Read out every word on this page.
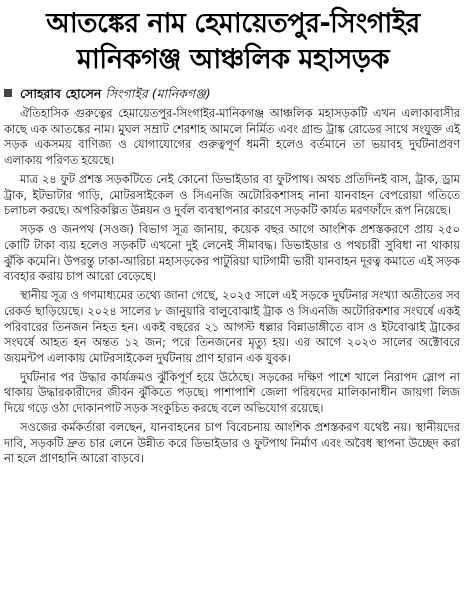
আতঙ্কের নাম হেমায়েতপুর-সিংগাইর
মানিকগঞ্জ আঞ্চলিক মহাসড়ক
সোহরাব হোসেন সিংগাইর (মানিকগঞ্জ)

ঐতিহাসিক গুরুত্বের হেমায়েতপুর-সিংগাইর-মানিকগঞ্জ আঞ্চলিক মহাসড়কটি এখন এলাকাবাসীর কাছে এক আতঙ্কের নাম। মুঘল সম্রাট শেরশাহ আমলে নির্মিত এবং গ্রান্ড ট্রাঙ্ক রোডের সাথে সংযুক্ত এই সড়ক একসময় বাণিজ্য ও যোগাযোগের গুরুত্বপূর্ণ ধমনী হলেও বর্তমানে তা ভয়াবহ দুর্ঘটনাপ্রবণ এলাকায় পরিণত হয়েছে।

মাত্র ২৪ ফুট প্রশস্ত সড়কটিতে নেই কোনো ডিভাইডার বা ফুটপাথ। অথচ প্রতিদিনই বাস, ট্রাক, ড্রাম ট্রাক, ইটভাটার গাড়ি, মোটরসাইকেল ও সিএনজি অটোরিকশাসহ নানা যানবাহন বেপরোয়া গতিতে চলাচল করছে। অপরিকল্পিত উন্নয়ন ও দুর্বল ব্যবস্থাপনার কারণে সড়কটি কার্যত মরণফাঁদে রূপ নিয়েছে।

সড়ক ও জনপথ (সওজ) বিভাগ সূত্র জানায়, কয়েক বছর আগে আংশিক প্রশস্তকরণে প্রায় ২৫০ কোটি টাকা ব্যয় হলেও সড়কটি এখনো দুই লেনেই সীমাবদ্ধ। ডিভাইডার ও পথচারী সুবিধা না থাকায় ঝুঁকি কমেনি। উপরন্তু ঢাকা-আরিচা মহাসড়কের পাটুরিয়া ঘাটগামী ভারী যানবাহন দূরত্ব কমাতে এই সড়ক ব্যবহার করায় চাপ আরো বেড়েছে।

স্থানীয় সূত্র ও গণমাধ্যমের তথ্যে জানা গেছে, ২০২৫ সালে এই সড়কে দুর্ঘটনার সংখ্যা অতীতের সব রেকর্ড ছাড়িয়েছে। ২০২৪ সালের ৮ জানুয়ারি বালুবোঝাই ট্রাক ও সিএনজি অটোরিকশার সংঘর্ষে একই পরিবারের তিনজন নিহত হন। একই বছরের ২১ আগস্ট ধল্লার বিন্নাডাঙ্গীতে বাস ও ইটবোঝাই ট্রাকের সংঘর্ষে আহত হন অন্তত ১২ জন; পরে তিনজনের মৃত্যু হয়। এর আগে ২০২৩ সালের অক্টোবরে জয়মন্টপ এলাকায় মোটরসাইকেল দুর্ঘটনায় প্রাণ হারান এক যুবক।

দুর্ঘটনার পর উদ্ধার কার্যক্রমও ঝুঁকিপূর্ণ হয়ে উঠেছে। সড়কের দক্ষিণ পাশে খালে নিরাপদ স্লোপ না থাকায় উদ্ধারকারীদের জীবন ঝুঁকিতে পড়ছে। পাশাপাশি জেলা পরিষদের মালিকানাধীন জায়গা লিজ দিয়ে গড়ে ওঠা দোকানপাট সড়ক সংকুচিত করছে বলে অভিযোগ রয়েছে।

সওজের কর্মকর্তারা বলছেন, যানবাহনের চাপ বিবেচনায় আংশিক প্রশস্তকরণ যথেষ্ট নয়। স্থানীয়দের দাবি, সড়কটি দ্রুত চার লেনে উন্নীত করে ডিভাইডার ও ফুটপাথ নির্মাণ এবং অবৈধ স্থাপনা উচ্ছেদ করা না হলে প্রাণহানি আরো বাড়বে।
